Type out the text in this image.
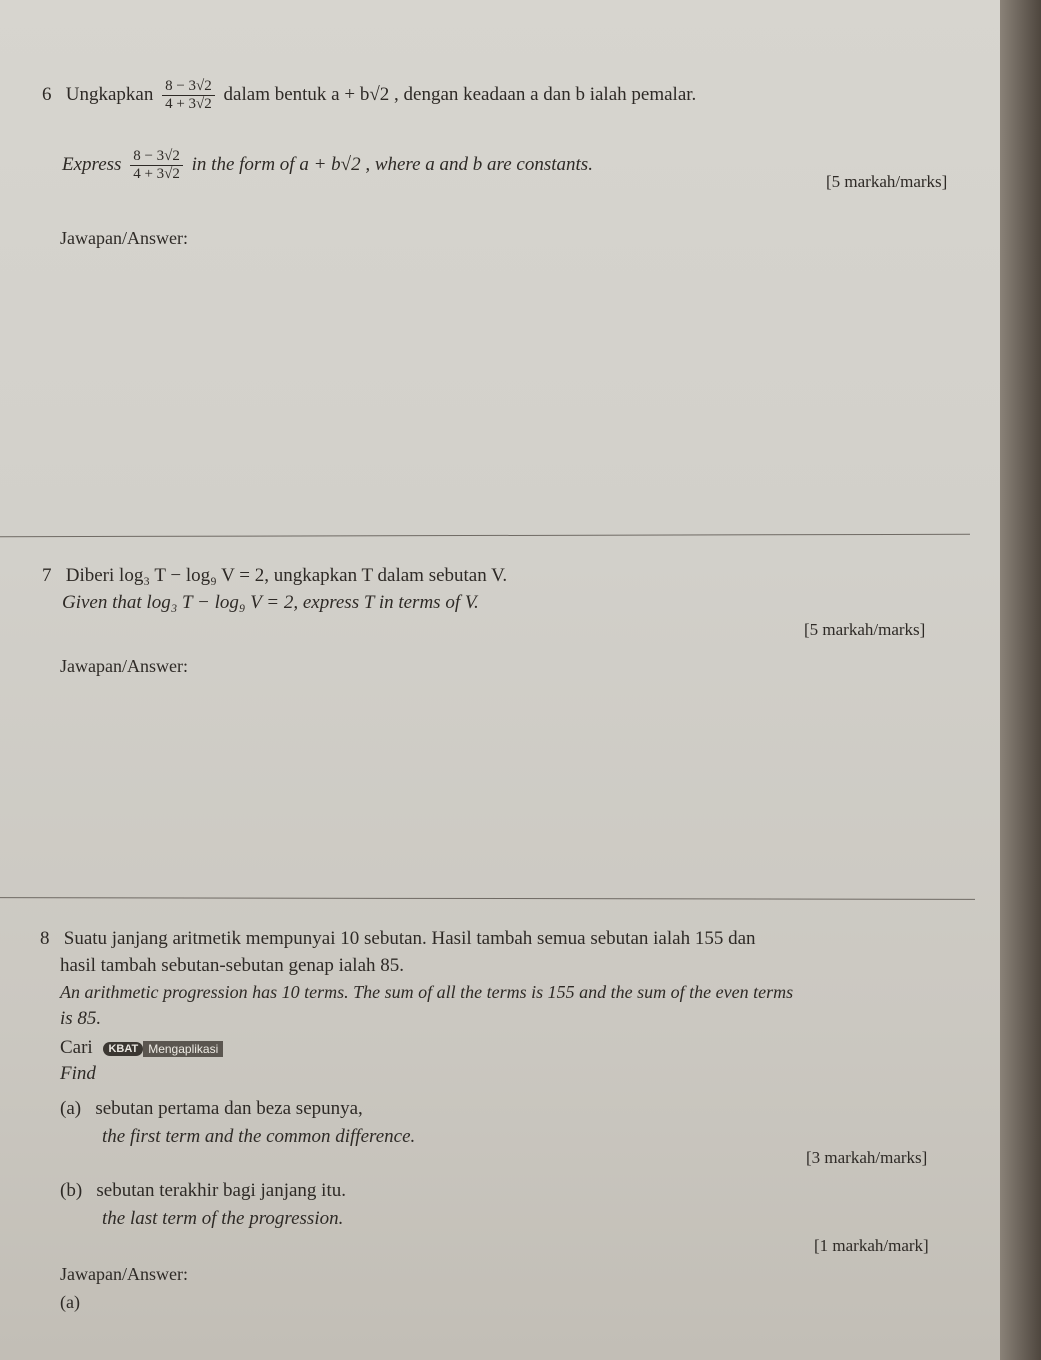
6 Ungkapkan $\frac{8 - 3√2}{4 + 3√2}$ dalam bentuk a + b√2 , dengan keadaan a dan b ialah pemalar.
Express $\frac{8 - 3√2}{4 + 3√2}$ in the form of a + b√2 , where a and b are constants.
[5 markah/marks]
Jawapan/Answer:
7 Diberi log₃ T − log₉ V = 2, ungkapkan T dalam sebutan V.
Given that log₃ T − log₉ V = 2, express T in terms of V.
[5 markah/marks]
Jawapan/Answer:
8 Suatu janjang aritmetik mempunyai 10 sebutan. Hasil tambah semua sebutan ialah 155 dan
hasil tambah sebutan-sebutan genap ialah 85.
An arithmetic progression has 10 terms. The sum of all the terms is 155 and the sum of the even terms
is 85.
Cari KBAT Mengaplikasi
Find
(a) sebutan pertama dan beza sepunya,
the first term and the common difference.
[3 markah/marks]
(b) sebutan terakhir bagi janjang itu.
the last term of the progression.
[1 markah/mark]
Jawapan/Answer:
(a)
